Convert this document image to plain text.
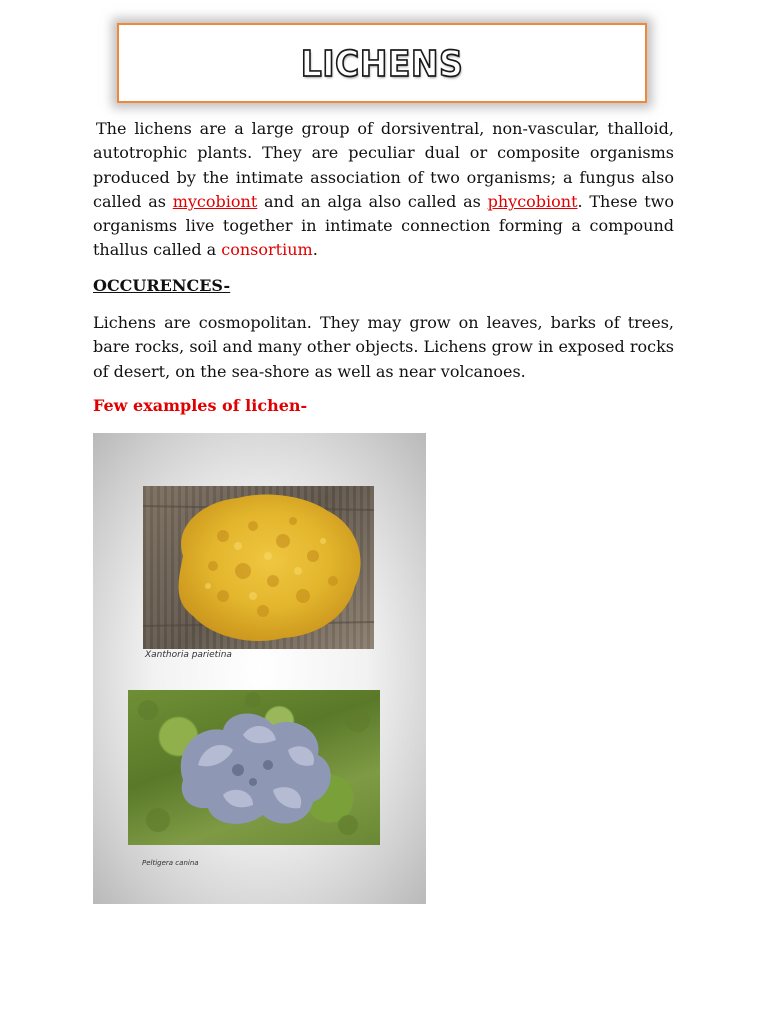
LICHENS

The lichens are a large group of dorsiventral, non-vascular, thalloid, autotrophic plants. They are peculiar dual or composite organisms produced by the intimate association of two organisms; a fungus also called as mycobiont and an alga also called as phycobiont. These two organisms live together in intimate connection forming a compound thallus called a consortium.

OCCURENCES-

Lichens are cosmopolitan. They may grow on leaves, barks of trees, bare rocks, soil and many other objects. Lichens grow in exposed rocks of desert, on the sea-shore as well as near volcanoes.

Few examples of lichen-
Xanthoria parietina
Peltigera canina
